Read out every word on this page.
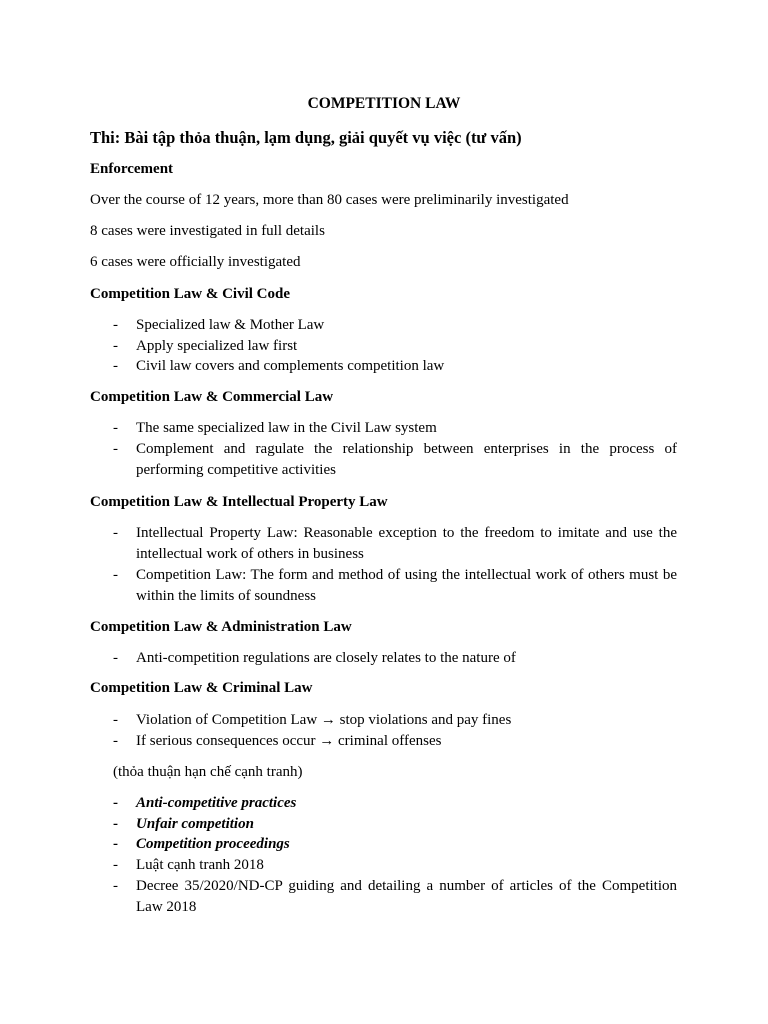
COMPETITION LAW
Thi: Bài tập thỏa thuận, lạm dụng, giải quyết vụ việc (tư vấn)
Enforcement
Over the course of 12 years, more than 80 cases were preliminarily investigated
8 cases were investigated in full details
6 cases were officially investigated
Competition Law & Civil Code
- Specialized law & Mother Law
- Apply specialized law first
- Civil law covers and complements competition law
Competition Law & Commercial Law
- The same specialized law in the Civil Law system
- Complement and ragulate the relationship between enterprises in the process of performing competitive activities
Competition Law & Intellectual Property Law
- Intellectual Property Law: Reasonable exception to the freedom to imitate and use the intellectual work of others in business
- Competition Law: The form and method of using the intellectual work of others must be within the limits of soundness
Competition Law & Administration Law
- Anti-competition regulations are closely relates to the nature of
Competition Law & Criminal Law
- Violation of Competition Law → stop violations and pay fines
- If serious consequences occur → criminal offenses
(thỏa thuận hạn chế cạnh tranh)
- Anti-competitive practices
- Unfair competition
- Competition proceedings
- Luật cạnh tranh 2018
- Decree 35/2020/ND-CP guiding and detailing a number of articles of the Competition Law 2018
